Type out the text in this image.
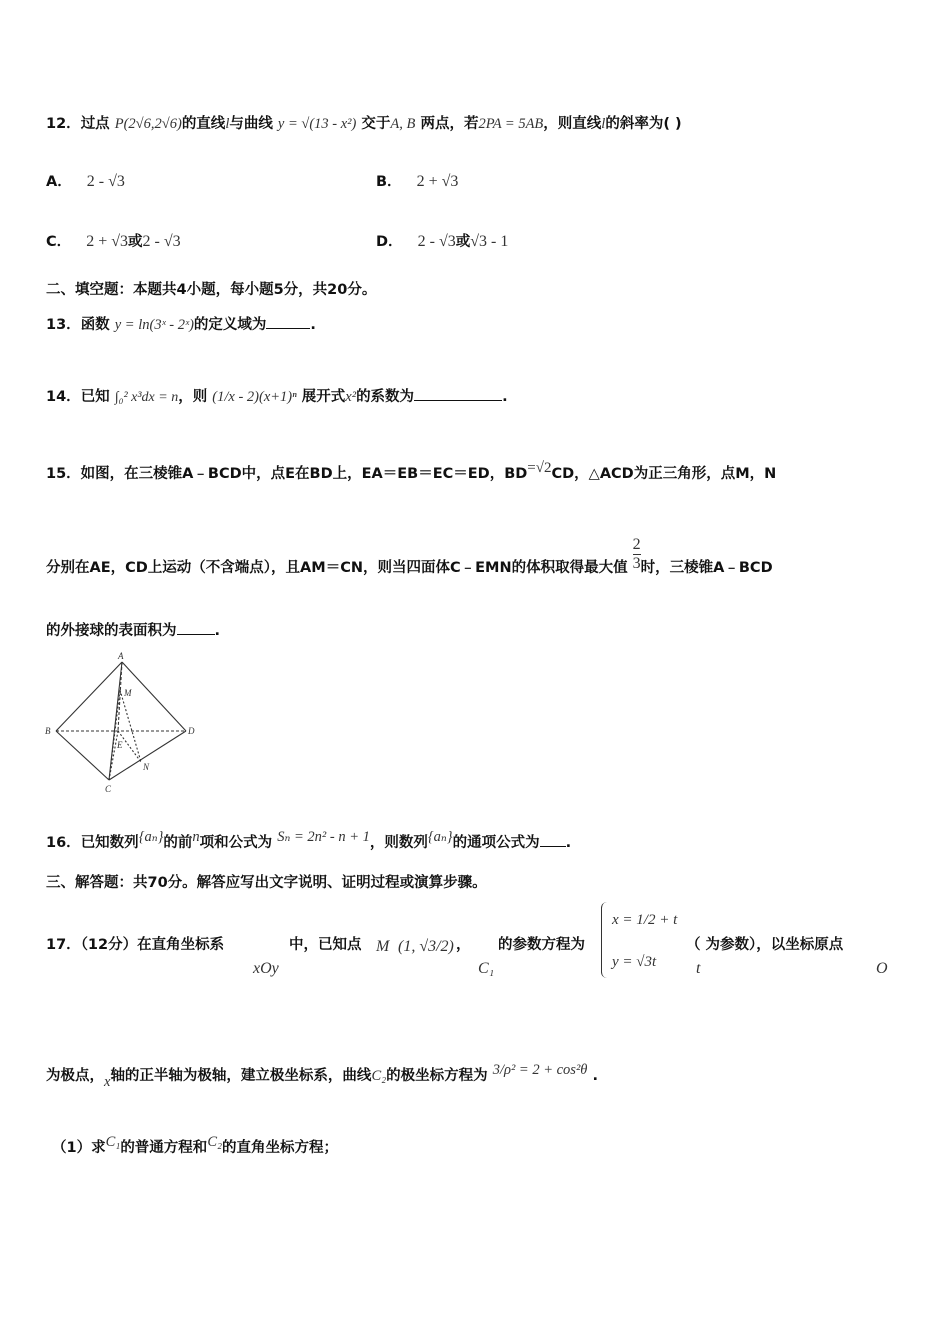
12．过点 P(2√6,2√6)的直线l与曲线 y = √(13 - x²) 交于A, B 两点，若2PA = 5AB，则直线l的斜率为( )
A． 2 - √3	B． 2 + √3
C． 2 + √3或2 - √3	D． 2 - √3或√3 - 1
二、填空题：本题共4小题，每小题5分，共20分。
13．函数 y = ln(3ˣ - 2ˣ)的定义域为	.
14．已知 ∫₀² x³dx = n，则 (1/x - 2)(x+1)ⁿ 展开式x²的系数为	.
15．如图，在三棱锥A﹣BCD中，点E在BD上，EA＝EB＝EC＝ED，BD=√2CD，△ACD为正三角形，点M，N
分别在AE，CD上运动（不含端点），且AM＝CN，则当四面体C﹣EMN的体积取得最大值 $\frac{2}{3}$ 时，三棱锥A﹣BCD
的外接球的表面积为	.
A
B
C
D
M
E
N
16．已知数列{aₙ}的前n项和公式为 Sₙ = 2n² - n + 1，则数列{aₙ}的通项公式为 .
三、解答题：共70分。解答应写出文字说明、证明过程或演算步骤。
17．（12分）在直角坐标系
xOy
中，已知点 M (1, √3/2) ，
C₁
的参数方程为
x = 1/2 + t
y = √3t
（ 为参数），以坐标原点
t	O
为极点，x轴的正半轴为极轴，建立极坐标系，曲线C₂的极坐标方程为 3/ρ² = 2 + cos²θ .
（1）求C₁的普通方程和C₂的直角坐标方程；
